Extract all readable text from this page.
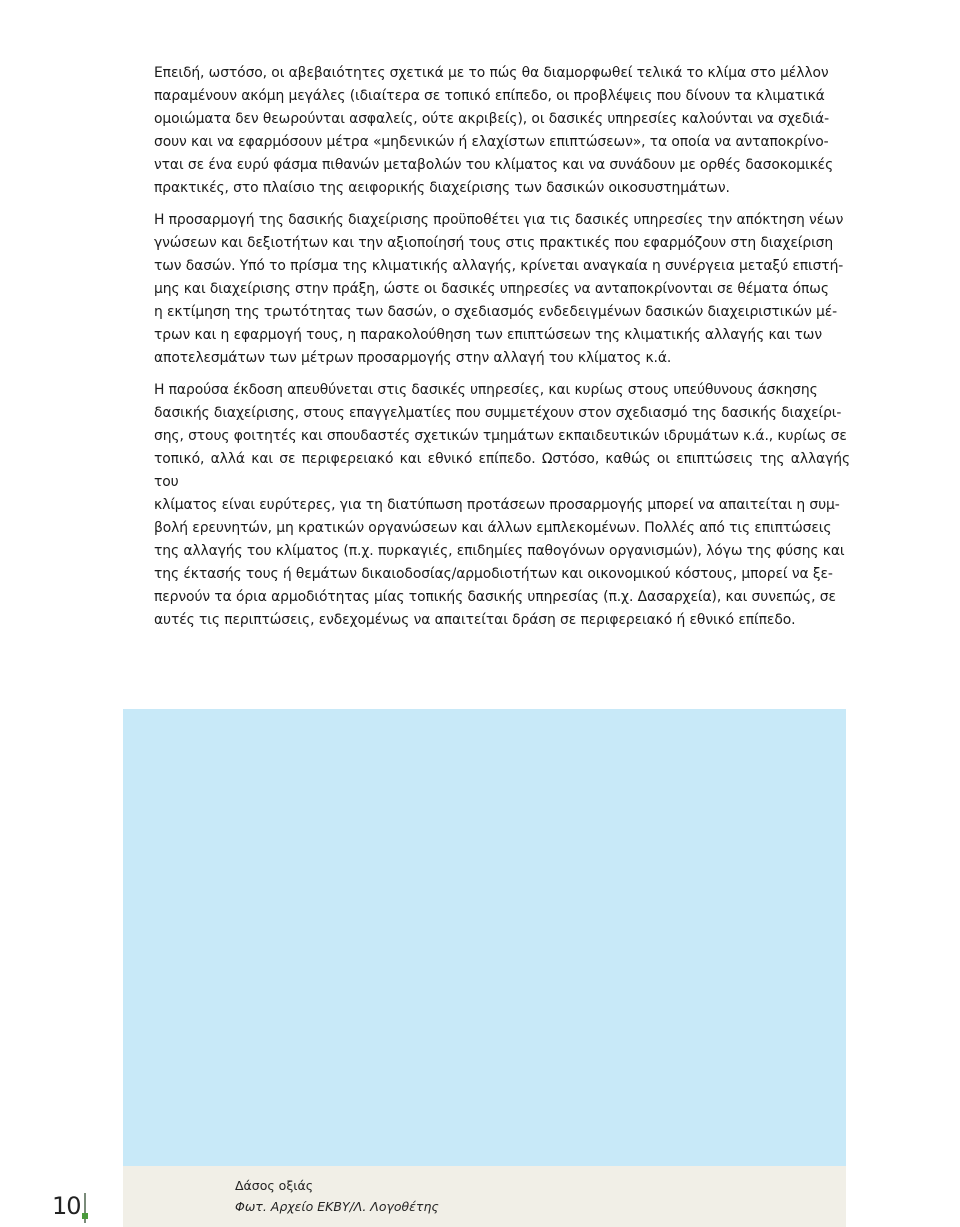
Επειδή, ωστόσο, οι αβεβαιότητες σχετικά με το πώς θα διαμορφωθεί τελικά το κλίμα στο μέλλον
παραμένουν ακόμη μεγάλες (ιδιαίτερα σε τοπικό επίπεδο, οι προβλέψεις που δίνουν τα κλιματικά
ομοιώματα δεν θεωρούνται ασφαλείς, ούτε ακριβείς), οι δασικές υπηρεσίες καλούνται να σχεδιά-
σουν και να εφαρμόσουν μέτρα «μηδενικών ή ελαχίστων επιπτώσεων», τα οποία να ανταποκρίνο-
νται σε ένα ευρύ φάσμα πιθανών μεταβολών του κλίματος και να συνάδουν με ορθές δασοκομικές
πρακτικές, στο πλαίσιο της αειφορικής διαχείρισης των δασικών οικοσυστημάτων.

Η προσαρμογή της δασικής διαχείρισης προϋποθέτει για τις δασικές υπηρεσίες την απόκτηση νέων
γνώσεων και δεξιοτήτων και την αξιοποίησή τους στις πρακτικές που εφαρμόζουν στη διαχείριση
των δασών. Υπό το πρίσμα της κλιματικής αλλαγής, κρίνεται αναγκαία η συνέργεια μεταξύ επιστή-
μης και διαχείρισης στην πράξη, ώστε οι δασικές υπηρεσίες να ανταποκρίνονται σε θέματα όπως
η εκτίμηση της τρωτότητας των δασών, ο σχεδιασμός ενδεδειγμένων δασικών διαχειριστικών μέ-
τρων και η εφαρμογή τους, η παρακολούθηση των επιπτώσεων της κλιματικής αλλαγής και των
αποτελεσμάτων των μέτρων προσαρμογής στην αλλαγή του κλίματος κ.ά.

Η παρούσα έκδοση απευθύνεται στις δασικές υπηρεσίες, και κυρίως στους υπεύθυνους άσκησης
δασικής διαχείρισης, στους επαγγελματίες που συμμετέχουν στον σχεδιασμό της δασικής διαχείρι-
σης, στους φοιτητές και σπουδαστές σχετικών τμημάτων εκπαιδευτικών ιδρυμάτων κ.ά., κυρίως σε
τοπικό, αλλά και σε περιφερειακό και εθνικό επίπεδο. Ωστόσο, καθώς οι επιπτώσεις της αλλαγής του
κλίματος είναι ευρύτερες, για τη διατύπωση προτάσεων προσαρμογής μπορεί να απαιτείται η συμ-
βολή ερευνητών, μη κρατικών οργανώσεων και άλλων εμπλεκομένων. Πολλές από τις επιπτώσεις
της αλλαγής του κλίματος (π.χ. πυρκαγιές, επιδημίες παθογόνων οργανισμών), λόγω της φύσης και
της έκτασής τους ή θεμάτων δικαιοδοσίας/αρμοδιοτήτων και οικονομικού κόστους, μπορεί να ξε-
περνούν τα όρια αρμοδιότητας μίας τοπικής δασικής υπηρεσίας (π.χ. Δασαρχεία), και συνεπώς, σε
αυτές τις περιπτώσεις, ενδεχομένως να απαιτείται δράση σε περιφερειακό ή εθνικό επίπεδο.

Δάσος οξιάς
Φωτ. Αρχείο ΕΚΒΥ/Λ. Λογοθέτης
10
